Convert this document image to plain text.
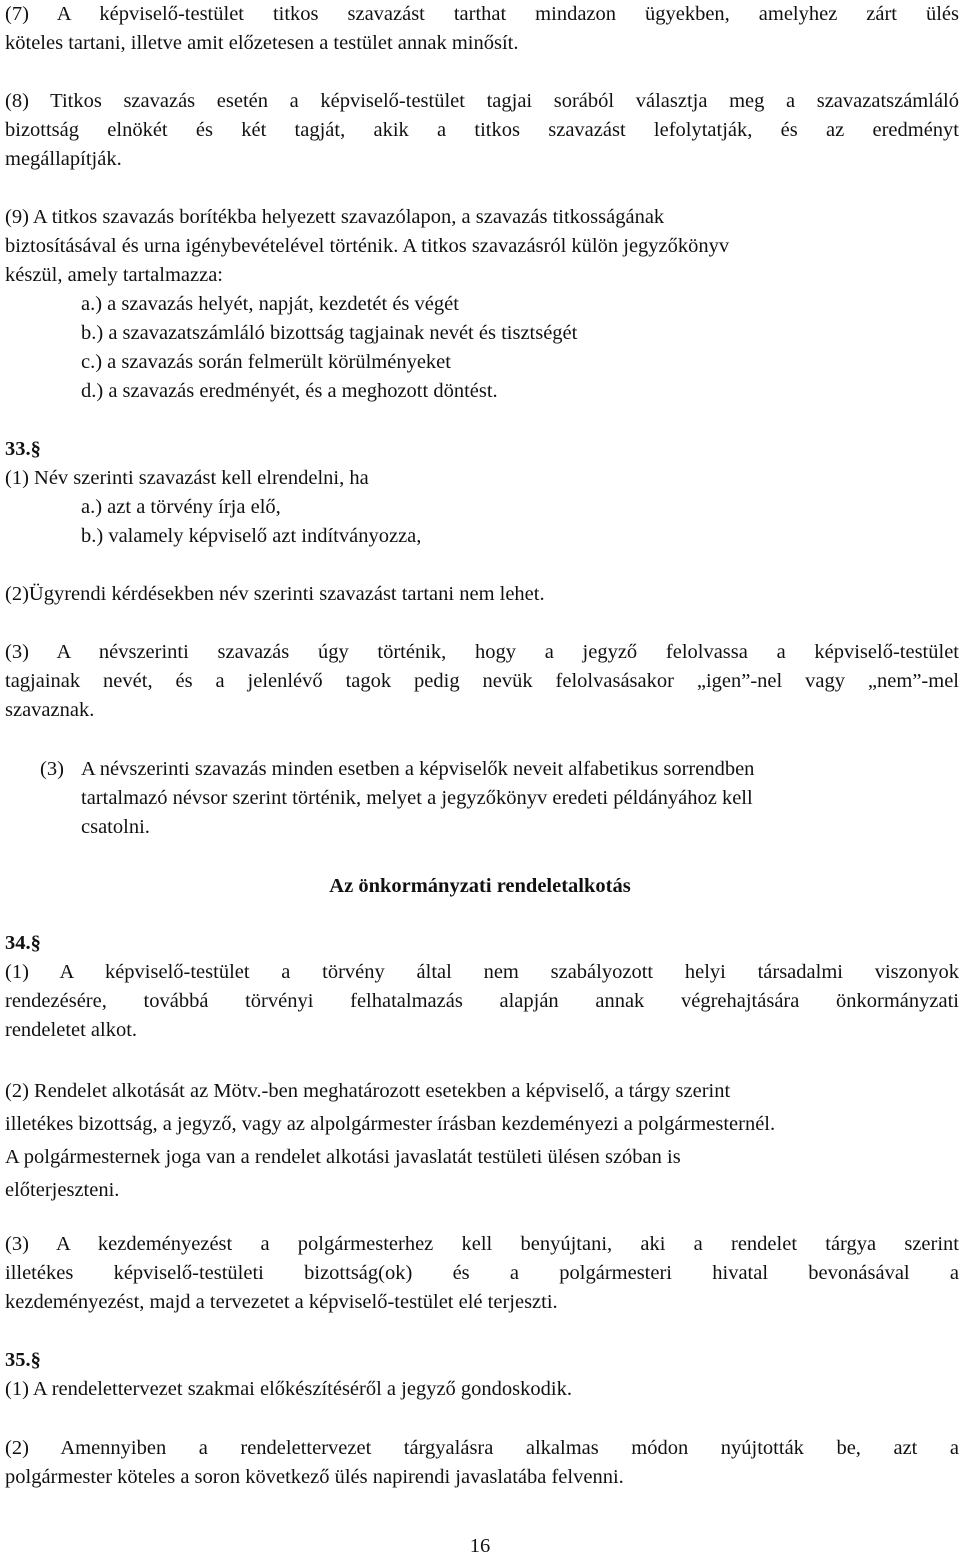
(7) A képviselő-testület titkos szavazást tarthat mindazon ügyekben, amelyhez zárt ülés
köteles tartani, illetve amit előzetesen a testület annak minősít.
(8) Titkos szavazás esetén a képviselő-testület tagjai sorából választja meg a szavazatszámláló
bizottság elnökét és két tagját, akik a titkos szavazást lefolytatják, és az eredményt
megállapítják.
(9) A titkos szavazás borítékba helyezett szavazólapon, a szavazás titkosságának
biztosításával és urna igénybevételével történik. A titkos szavazásról külön jegyzőkönyv
készül, amely tartalmazza:
a.) a szavazás helyét, napját, kezdetét és végét
b.) a szavazatszámláló bizottság tagjainak nevét és tisztségét
c.) a szavazás során felmerült körülményeket
d.) a szavazás eredményét, és a meghozott döntést.
33.§
(1) Név szerinti szavazást kell elrendelni, ha
a.) azt a törvény írja elő,
b.) valamely képviselő azt indítványozza,
(2)Ügyrendi kérdésekben név szerinti szavazást tartani nem lehet.
(3) A névszerinti szavazás úgy történik, hogy a jegyző felolvassa a képviselő-testület
tagjainak nevét, és a jelenlévő tagok pedig nevük felolvasásakor „igen”-nel vagy „nem”-mel
szavaznak.
(3) A névszerinti szavazás minden esetben a képviselők neveit alfabetikus sorrendben
tartalmazó névsor szerint történik, melyet a jegyzőkönyv eredeti példányához kell
csatolni.

Az önkormányzati rendeletalkotás

34.§
(1) A képviselő-testület a törvény által nem szabályozott helyi társadalmi viszonyok
rendezésére, továbbá törvényi felhatalmazás alapján annak végrehajtására önkormányzati
rendeletet alkot.
(2) Rendelet alkotását az Mötv.-ben meghatározott esetekben a képviselő, a tárgy szerint
illetékes bizottság, a jegyző, vagy az alpolgármester írásban kezdeményezi a polgármesternél.
A polgármesternek joga van a rendelet alkotási javaslatát testületi ülésen szóban is
előterjeszteni.
(3) A kezdeményezést a polgármesterhez kell benyújtani, aki a rendelet tárgya szerint
illetékes képviselő-testületi bizottság(ok) és a polgármesteri hivatal bevonásával a
kezdeményezést, majd a tervezetet a képviselő-testület elé terjeszti.
35.§
(1) A rendelettervezet szakmai előkészítéséről a jegyző gondoskodik.
(2) Amennyiben a rendelettervezet tárgyalásra alkalmas módon nyújtották be, azt a
polgármester köteles a soron következő ülés napirendi javaslatába felvenni.

16
